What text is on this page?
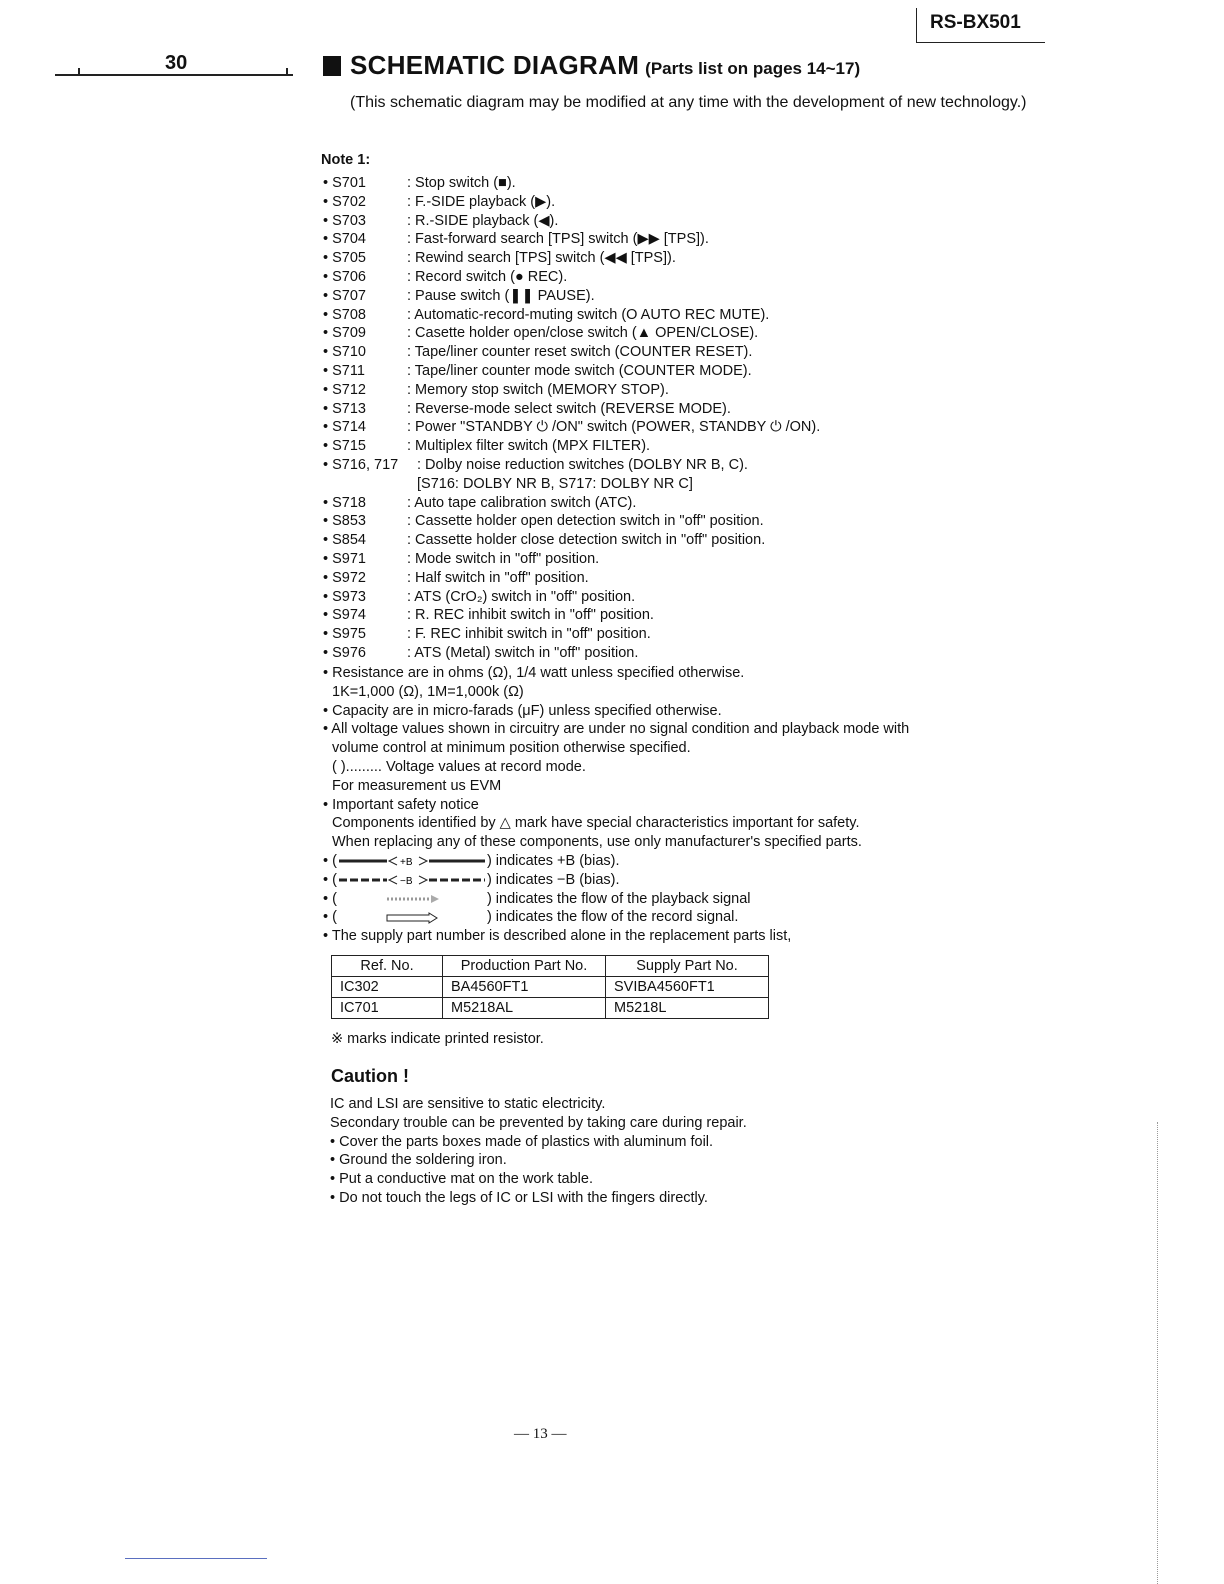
RS-BX501
30	SCHEMATIC DIAGRAM (Parts list on pages 14~17)
(This schematic diagram may be modified at any time with the development of new technology.)
Note 1:
• S701	: Stop switch (■).
• S702	: F.-SIDE playback (▶).
• S703	: R.-SIDE playback (◀).
• S704	: Fast-forward search [TPS] switch (▶▶ [TPS]).
• S705	: Rewind search [TPS] switch (◀◀ [TPS]).
• S706	: Record switch (● REC).
• S707	: Pause switch (❚❚ PAUSE).
• S708	: Automatic-record-muting switch (O AUTO REC MUTE).
• S709	: Casette holder open/close switch (▲ OPEN/CLOSE).
• S710	: Tape/liner counter reset switch (COUNTER RESET).
• S711	: Tape/liner counter mode switch (COUNTER MODE).
• S712	: Memory stop switch (MEMORY STOP).
• S713	: Reverse-mode select switch (REVERSE MODE).
• S714	: Power "STANDBY ⏻ /ON" switch (POWER, STANDBY ⏻ /ON).
• S715	: Multiplex filter switch (MPX FILTER).
• S716, 717	: Dolby noise reduction switches (DOLBY NR B, C).
[S716: DOLBY NR B, S717: DOLBY NR C]
• S718	: Auto tape calibration switch (ATC).
• S853	: Cassette holder open detection switch in "off" position.
• S854	: Cassette holder close detection switch in "off" position.
• S971	: Mode switch in "off" position.
• S972	: Half switch in "off" position.
• S973	: ATS (CrO₂) switch in "off" position.
• S974	: R. REC inhibit switch in "off" position.
• S975	: F. REC inhibit switch in "off" position.
• S976	: ATS (Metal) switch in "off" position.
• Resistance are in ohms (Ω), 1/4 watt unless specified otherwise.
1K=1,000 (Ω), 1M=1,000k (Ω)
• Capacity are in micro-farads (μF) unless specified otherwise.
• All voltage values shown in circuitry are under no signal condition and playback mode with
volume control at minimum position otherwise specified.
( )......... Voltage values at record mode.
For measurement us EVM
• Important safety notice
Components identified by △ mark have special characteristics important for safety.
When replacing any of these components, use only manufacturer's specified parts.
• (	+B	) indicates +B (bias).
• (	−B	) indicates −B (bias).
• (	) indicates the flow of the playback signal
• (	) indicates the flow of the record signal.
• The supply part number is described alone in the replacement parts list,
Ref. No.	Production Part No.	Supply Part No.
IC302	BA4560FT1	SVIBA4560FT1
IC701	M5218AL	M5218L
※ marks indicate printed resistor.
Caution !
IC and LSI are sensitive to static electricity.
Secondary trouble can be prevented by taking care during repair.
• Cover the parts boxes made of plastics with aluminum foil.
• Ground the soldering iron.
• Put a conductive mat on the work table.
• Do not touch the legs of IC or LSI with the fingers directly.
— 13 —
